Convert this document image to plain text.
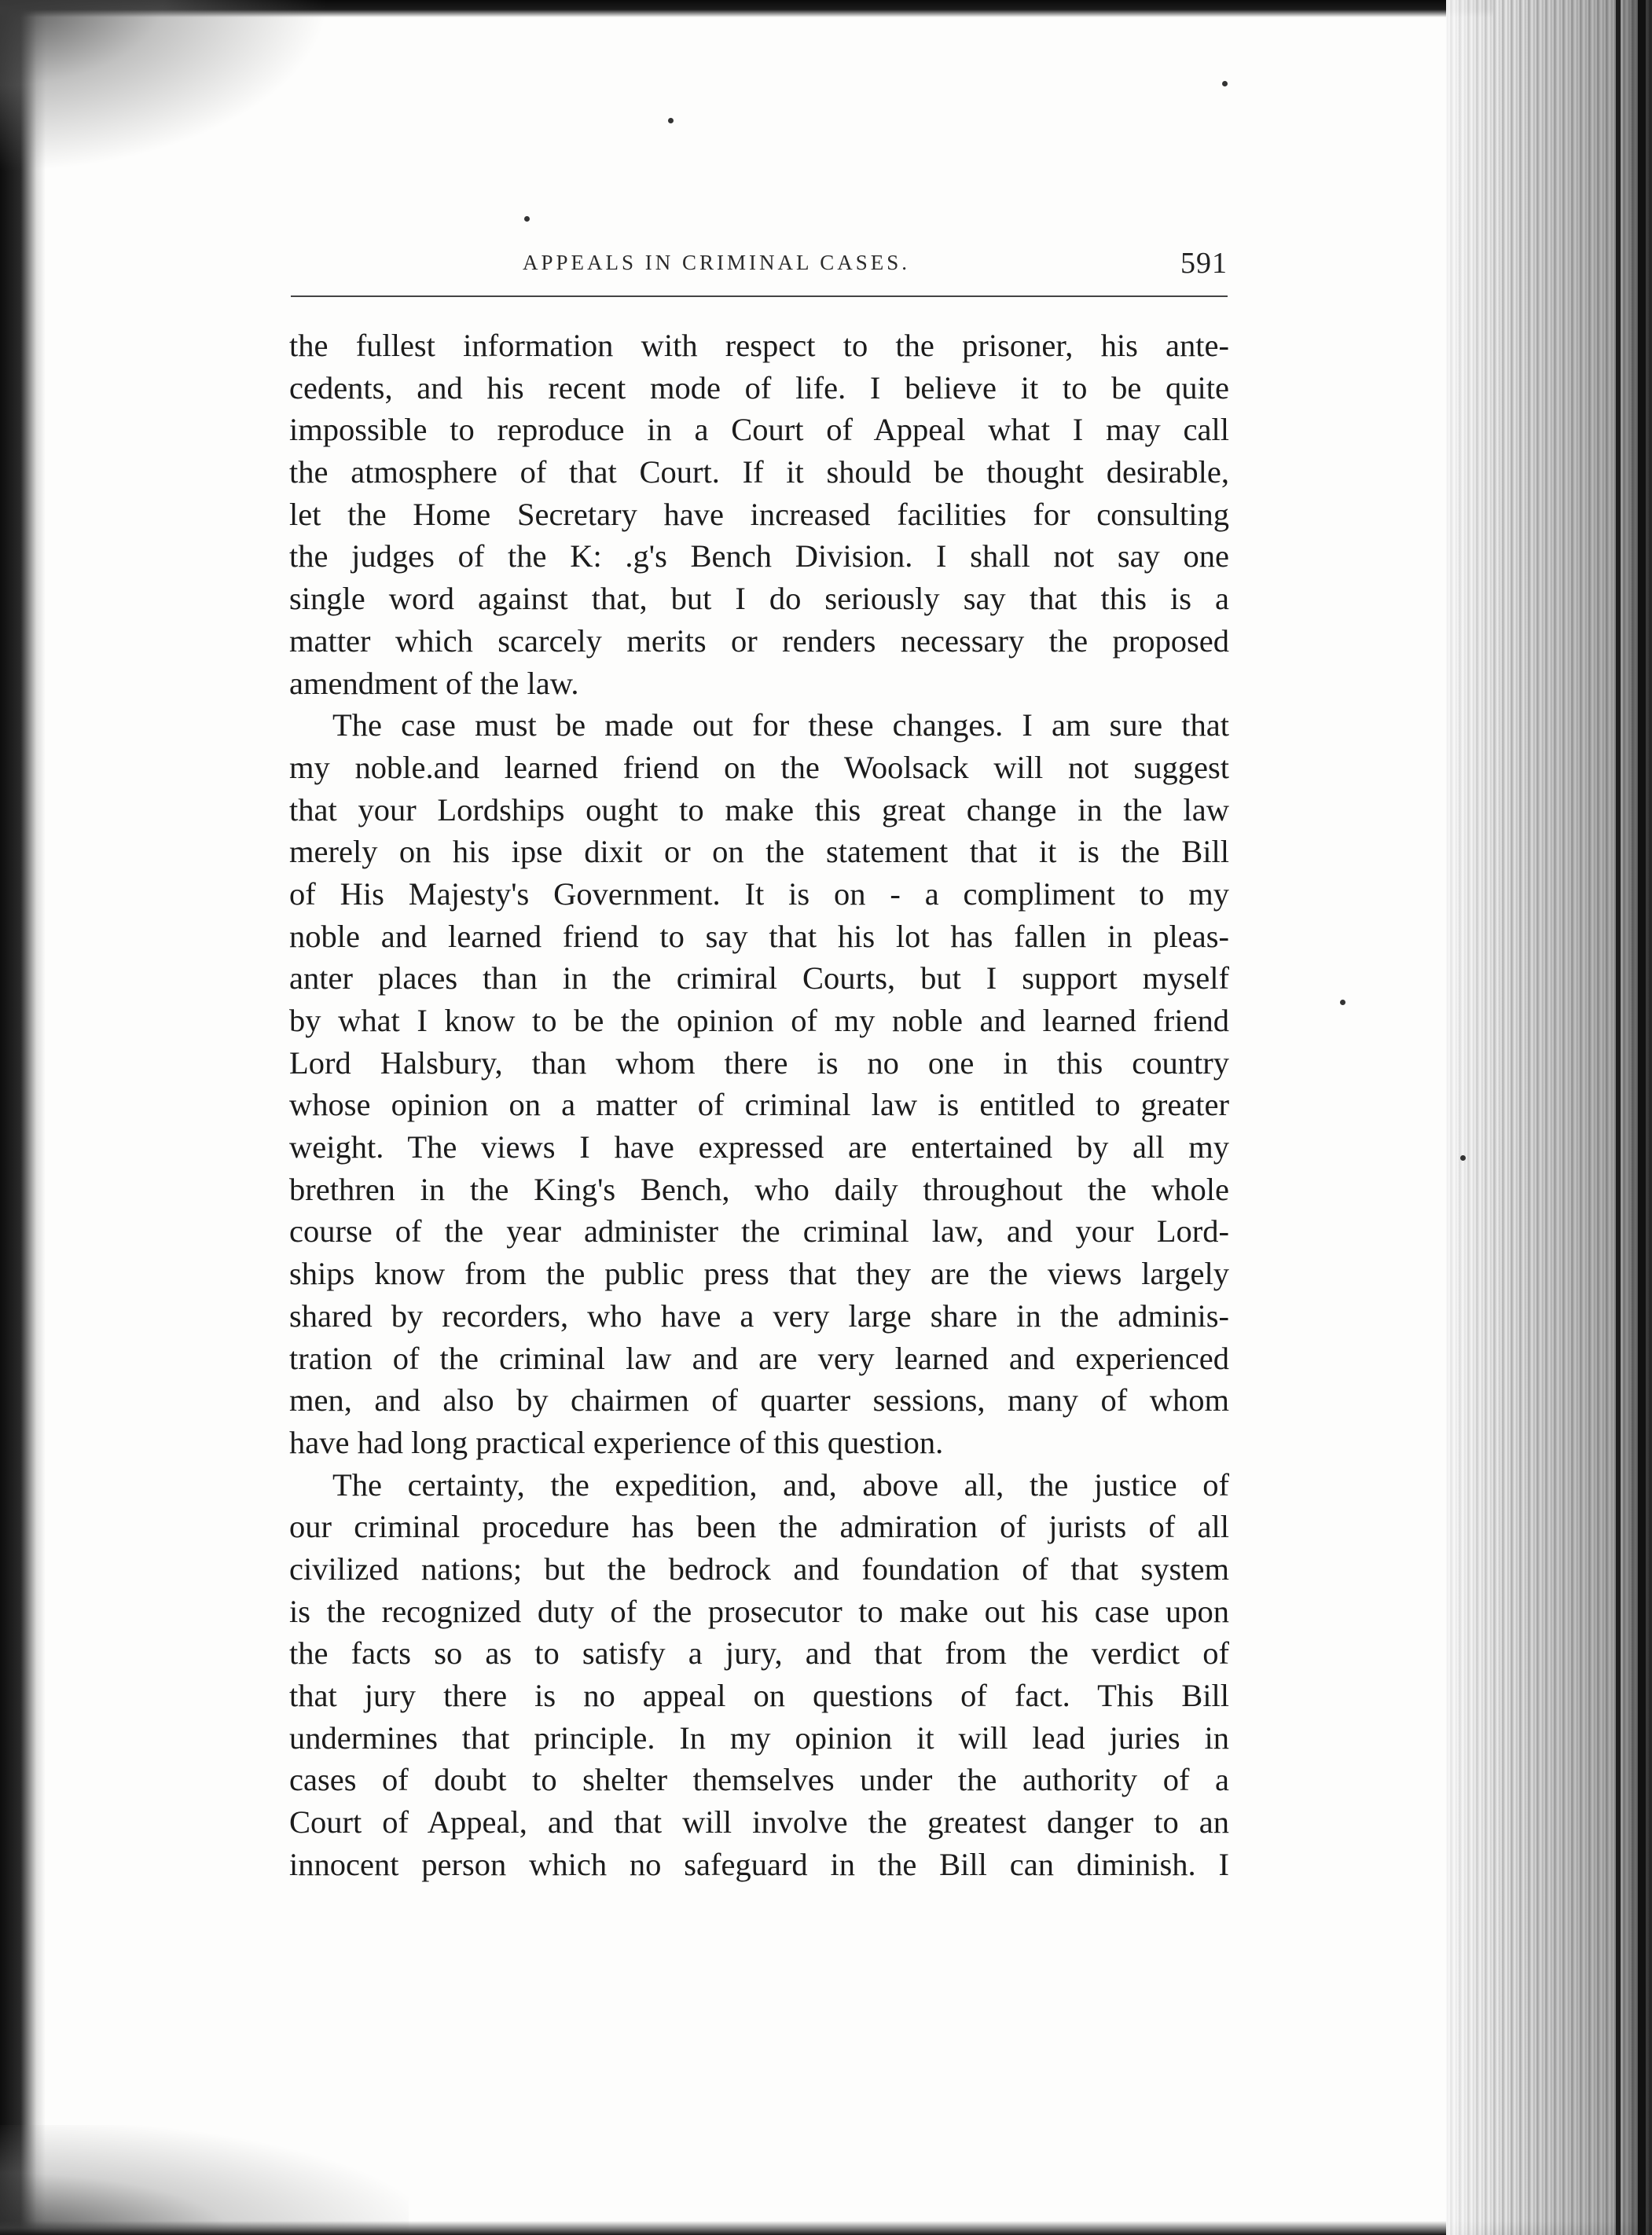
APPEALS IN CRIMINAL CASES.	591
the fullest information with respect to the prisoner, his ante-
cedents, and his recent mode of life. I believe it to be quite
impossible to reproduce in a Court of Appeal what I may call
the atmosphere of that Court. If it should be thought desirable,
let the Home Secretary have increased facilities for consulting
the judges of the K: .g's Bench Division. I shall not say one
single word against that, but I do seriously say that this is a
matter which scarcely merits or renders necessary the proposed
amendment of the law.
The case must be made out for these changes. I am sure that
my noble.and learned friend on the Woolsack will not suggest
that your Lordships ought to make this great change in the law
merely on his ipse dixit or on the statement that it is the Bill
of His Majesty's Government. It is on - a compliment to my
noble and learned friend to say that his lot has fallen in pleas-
anter places than in the crimiral Courts, but I support myself
by what I know to be the opinion of my noble and learned friend
Lord Halsbury, than whom there is no one in this country
whose opinion on a matter of criminal law is entitled to greater
weight. The views I have expressed are entertained by all my
brethren in the King's Bench, who daily throughout the whole
course of the year administer the criminal law, and your Lord-
ships know from the public press that they are the views largely
shared by recorders, who have a very large share in the adminis-
tration of the criminal law and are very learned and experienced
men, and also by chairmen of quarter sessions, many of whom
have had long practical experience of this question.
The certainty, the expedition, and, above all, the justice of
our criminal procedure has been the admiration of jurists of all
civilized nations; but the bedrock and foundation of that system
is the recognized duty of the prosecutor to make out his case upon
the facts so as to satisfy a jury, and that from the verdict of
that jury there is no appeal on questions of fact. This Bill
undermines that principle. In my opinion it will lead juries in
cases of doubt to shelter themselves under the authority of a
Court of Appeal, and that will involve the greatest danger to an
innocent person which no safeguard in the Bill can diminish. I
